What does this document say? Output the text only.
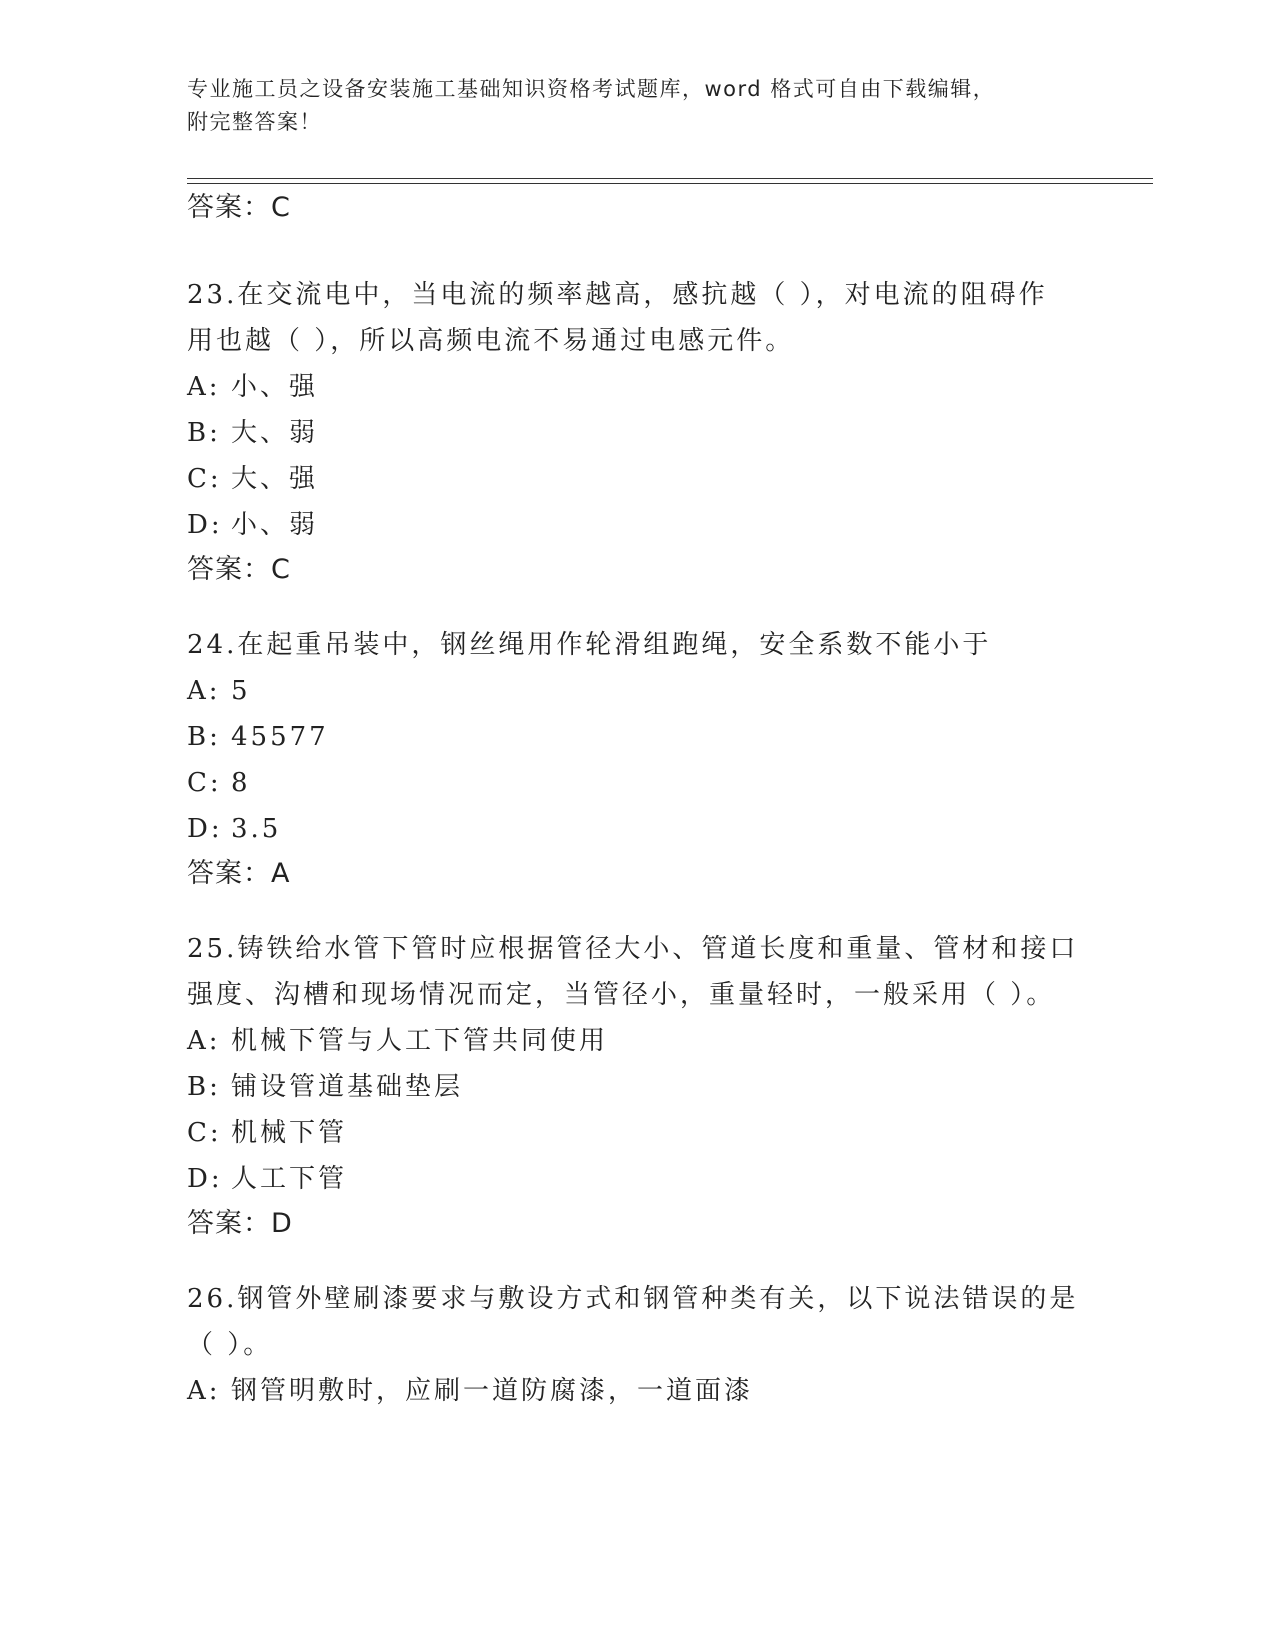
专业施工员之设备安装施工基础知识资格考试题库，word 格式可自由下载编辑，
附完整答案！
答案：C
23.在交流电中，当电流的频率越高，感抗越（ ），对电流的阻碍作
用也越（ ），所以高频电流不易通过电感元件。
A: 小、强
B: 大、弱
C: 大、强
D: 小、弱
答案：C
24.在起重吊装中，钢丝绳用作轮滑组跑绳，安全系数不能小于
A: 5
B: 45577
C: 8
D: 3.5
答案：A
25.铸铁给水管下管时应根据管径大小、管道长度和重量、管材和接口
强度、沟槽和现场情况而定，当管径小，重量轻时，一般采用（ ）。
A: 机械下管与人工下管共同使用
B: 铺设管道基础垫层
C: 机械下管
D: 人工下管
答案：D
26.钢管外壁刷漆要求与敷设方式和钢管种类有关，以下说法错误的是
（ ）。
A: 钢管明敷时，应刷一道防腐漆，一道面漆
